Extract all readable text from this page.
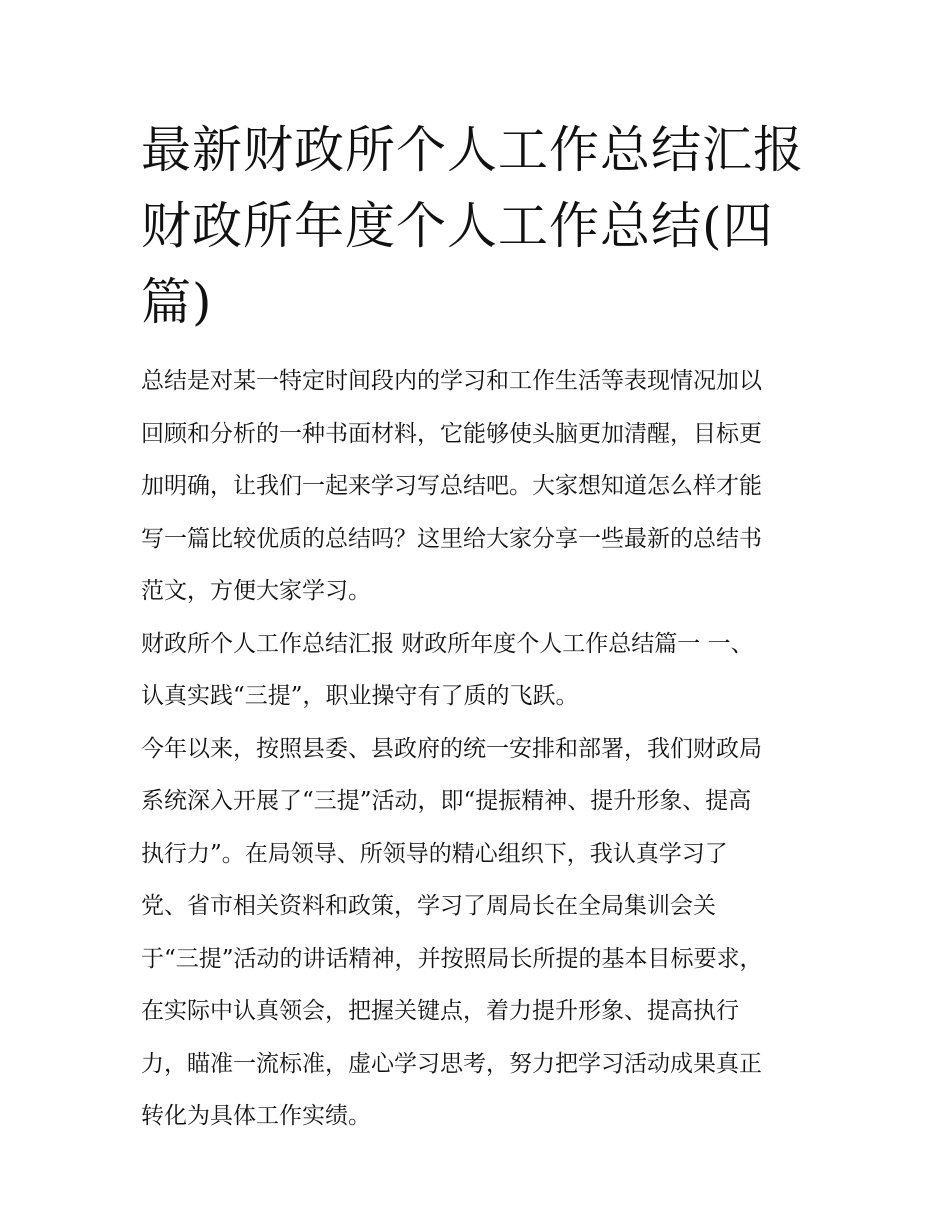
最新财政所个人工作总结汇报
财政所年度个人工作总结(四
篇)
总结是对某一特定时间段内的学习和工作生活等表现情况加以
回顾和分析的一种书面材料，它能够使头脑更加清醒，目标更
加明确，让我们一起来学习写总结吧。大家想知道怎么样才能
写一篇比较优质的总结吗？这里给大家分享一些最新的总结书
范文，方便大家学习。
财政所个人工作总结汇报 财政所年度个人工作总结篇一 一、
认真实践“三提”，职业操守有了质的飞跃。
今年以来，按照县委、县政府的统一安排和部署，我们财政局
系统深入开展了“三提”活动，即“提振精神、提升形象、提高
执行力”。在局领导、所领导的精心组织下，我认真学习了
党、省市相关资料和政策，学习了周局长在全局集训会关
于“三提”活动的讲话精神，并按照局长所提的基本目标要求，
在实际中认真领会，把握关键点，着力提升形象、提高执行
力，瞄准一流标准，虚心学习思考，努力把学习活动成果真正
转化为具体工作实绩。
